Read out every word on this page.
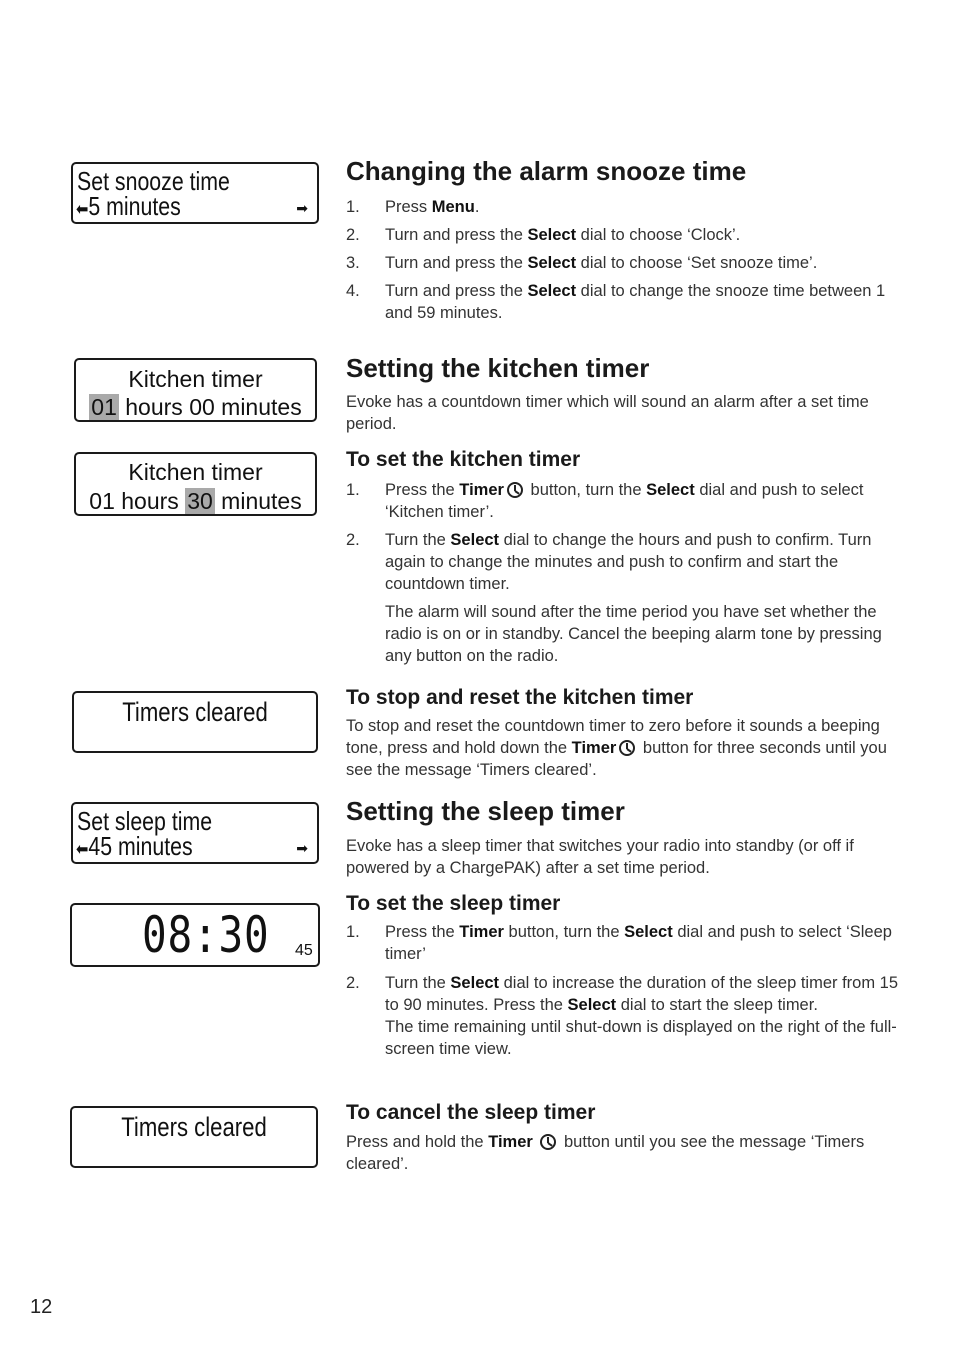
Set snooze time
⬅5 minutes	➡
Kitchen timer
01 hours 00 minutes
Kitchen timer
01 hours 30 minutes
Timers cleared
Set sleep time
⬅45 minutes	➡
08:30 45
Timers cleared
Changing the alarm snooze time
1. Press Menu.
2. Turn and press the Select dial to choose ‘Clock’.
3. Turn and press the Select dial to choose ‘Set snooze time’.
4. Turn and press the Select dial to change the snooze time between 1 and 59 minutes.
Setting the kitchen timer

Evoke has a countdown timer which will sound an alarm after a set time period.

To set the kitchen timer
1. Press the Timer button, turn the Select dial and push to select ‘Kitchen timer’.
2. Turn the Select dial to change the hours and push to confirm. Turn again to change the minutes and push to confirm and start the countdown timer.
The alarm will sound after the time period you have set whether the radio is on or in standby. Cancel the beeping alarm tone by pressing any button on the radio.
To stop and reset the kitchen timer

To stop and reset the countdown timer to zero before it sounds a beeping tone, press and hold down the Timer button for three seconds until you see the message ‘Timers cleared’.

Setting the sleep timer

Evoke has a sleep timer that switches your radio into standby (or off if powered by a ChargePAK) after a set time period.

To set the sleep timer
1. Press the Timer button, turn the Select dial and push to select ‘Sleep timer’
2. Turn the Select dial to increase the duration of the sleep timer from 15 to 90 minutes. Press the Select dial to start the sleep timer.
The time remaining until shut-down is displayed on the right of the full-screen time view.
To cancel the sleep timer

Press and hold the Timer  button until you see the message ‘Timers cleared’.

12
